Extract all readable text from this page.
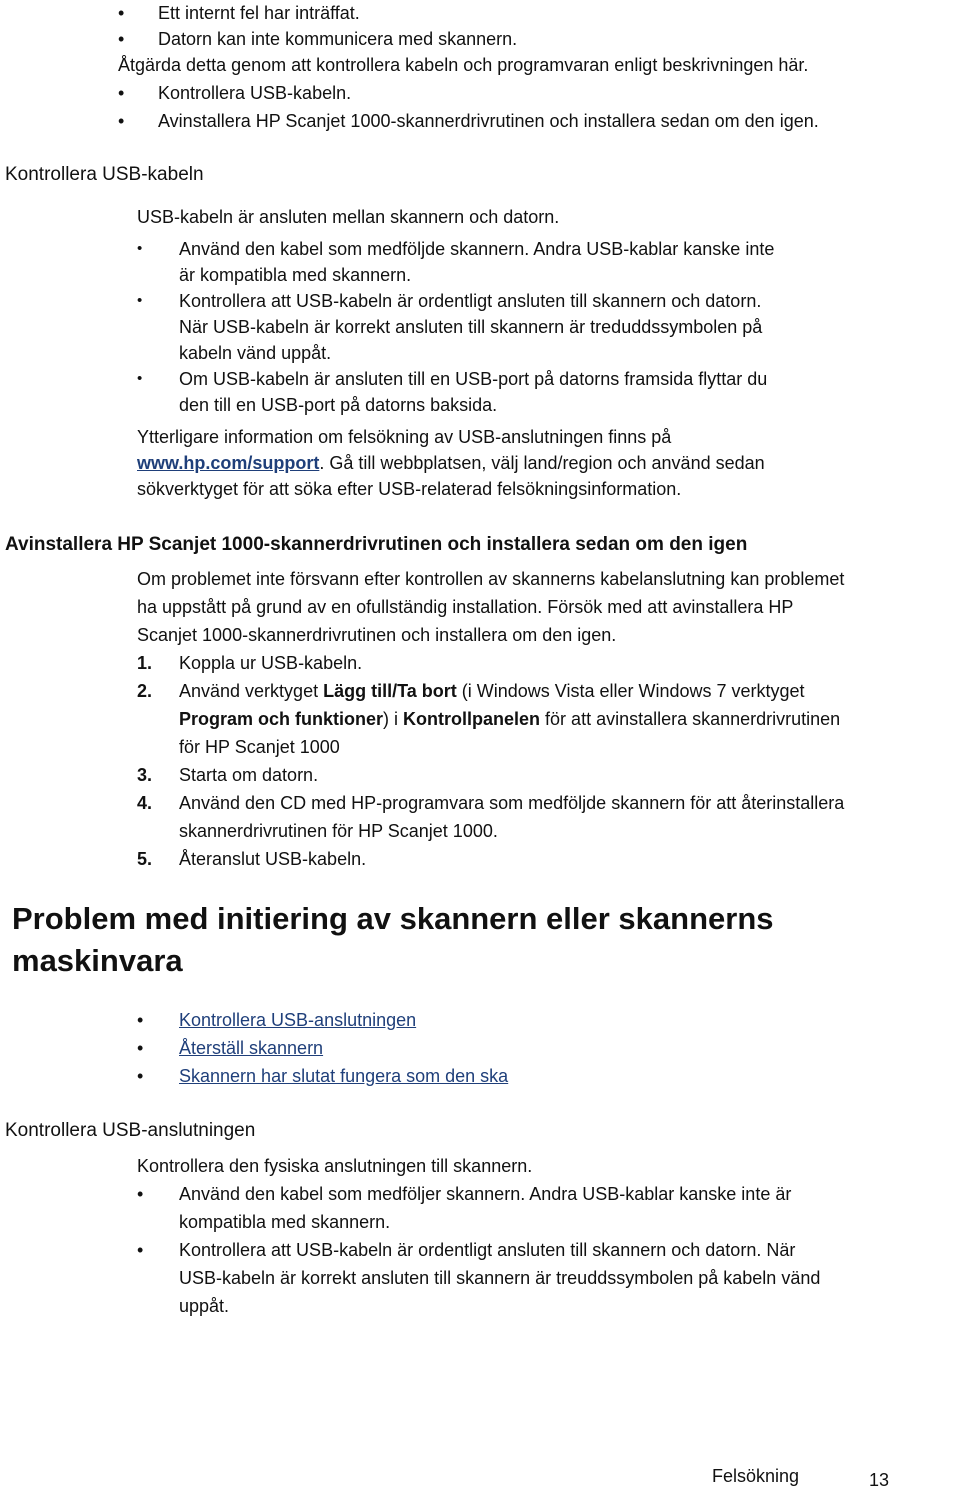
• Ett internt fel har inträffat.
• Datorn kan inte kommunicera med skannern.
Åtgärda detta genom att kontrollera kabeln och programvaran enligt beskrivningen här.
• Kontrollera USB-kabeln.
• Avinstallera HP Scanjet 1000-skannerdrivrutinen och installera sedan om den igen.
Kontrollera USB-kabeln
USB-kabeln är ansluten mellan skannern och datorn.
• Använd den kabel som medföljde skannern. Andra USB-kablar kanske inte
är kompatibla med skannern.
• Kontrollera att USB-kabeln är ordentligt ansluten till skannern och datorn.
När USB-kabeln är korrekt ansluten till skannern är treduddssymbolen på
kabeln vänd uppåt.
• Om USB-kabeln är ansluten till en USB-port på datorns framsida flyttar du
den till en USB-port på datorns baksida.
Ytterligare information om felsökning av USB-anslutningen finns på
www.hp.com/support. Gå till webbplatsen, välj land/region och använd sedan
sökverktyget för att söka efter USB-relaterad felsökningsinformation.
Avinstallera HP Scanjet 1000-skannerdrivrutinen och installera sedan om den igen
Om problemet inte försvann efter kontrollen av skannerns kabelanslutning kan problemet
ha uppstått på grund av en ofullständig installation. Försök med att avinstallera HP
Scanjet 1000-skannerdrivrutinen och installera om den igen.
1. Koppla ur USB-kabeln.
2. Använd verktyget Lägg till/Ta bort (i Windows Vista eller Windows 7 verktyget
Program och funktioner) i Kontrollpanelen för att avinstallera skannerdrivrutinen
för HP Scanjet 1000
3. Starta om datorn.
4. Använd den CD med HP-programvara som medföljde skannern för att återinstallera
skannerdrivrutinen för HP Scanjet 1000.
5. Återanslut USB-kabeln.
Problem med initiering av skannern eller skannerns
maskinvara
• Kontrollera USB-anslutningen
• Återställ skannern
• Skannern har slutat fungera som den ska
Kontrollera USB-anslutningen
Kontrollera den fysiska anslutningen till skannern.
• Använd den kabel som medföljer skannern. Andra USB-kablar kanske inte är
kompatibla med skannern.
• Kontrollera att USB-kabeln är ordentligt ansluten till skannern och datorn. När
USB-kabeln är korrekt ansluten till skannern är treuddssymbolen på kabeln vänd
uppåt.
Felsökning	13
